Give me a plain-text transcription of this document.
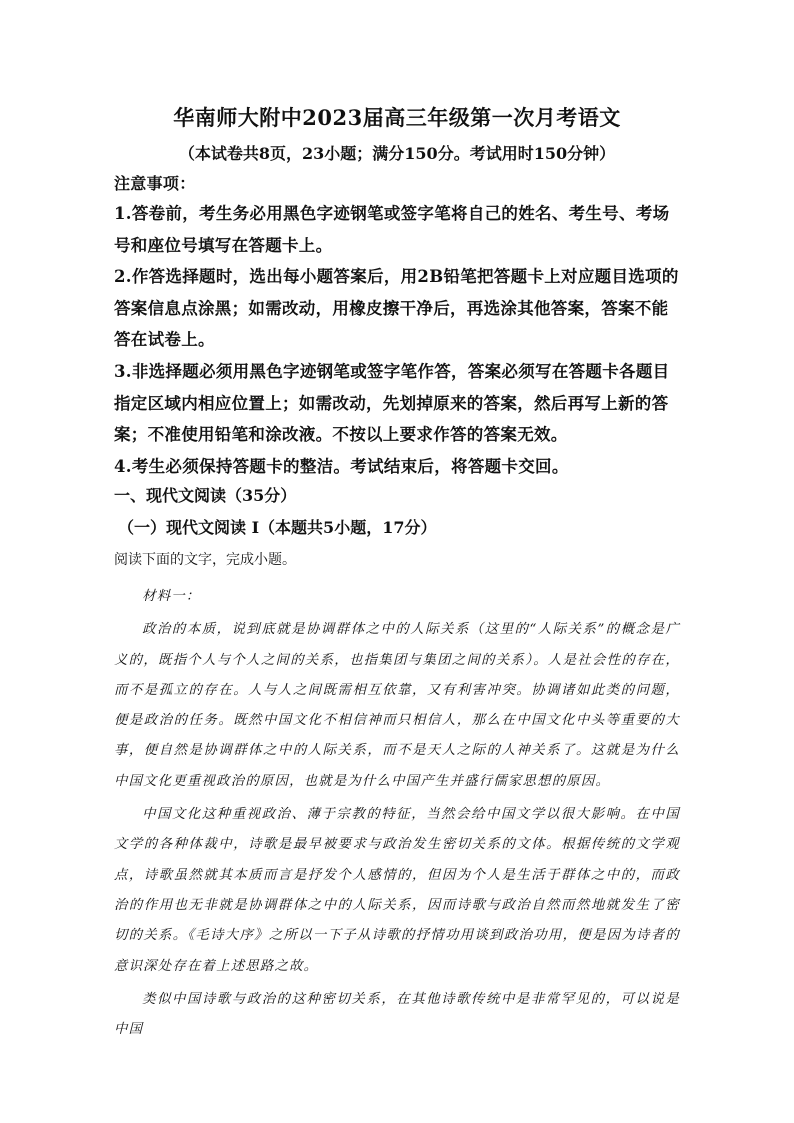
华南师大附中2023届高三年级第一次月考语文
（本试卷共8页，23小题；满分150分。考试用时150分钟）

注意事项：

1.答卷前，考生务必用黑色字迹钢笔或签字笔将自己的姓名、考生号、考场号和座位号填写在答题卡上。

2.作答选择题时，选出每小题答案后，用2B铅笔把答题卡上对应题目选项的答案信息点涂黑；如需改动，用橡皮擦干净后，再选涂其他答案，答案不能答在试卷上。

3.非选择题必须用黑色字迹钢笔或签字笔作答，答案必须写在答题卡各题目指定区域内相应位置上；如需改动，先划掉原来的答案，然后再写上新的答案；不准使用铅笔和涂改液。不按以上要求作答的答案无效。

4.考生必须保持答题卡的整洁。考试结束后，将答题卡交回。

一、现代文阅读（35分）
（一）现代文阅读 I（本题共5小题，17分）
阅读下面的文字，完成小题。

材料一：

政治的本质，说到底就是协调群体之中的人际关系（这里的“人际关系”的概念是广义的，既指个人与个人之间的关系，也指集团与集团之间的关系）。人是社会性的存在，而不是孤立的存在。人与人之间既需相互依靠，又有利害冲突。协调诸如此类的问题，便是政治的任务。既然中国文化不相信神而只相信人，那么在中国文化中头等重要的大事，便自然是协调群体之中的人际关系，而不是天人之际的人神关系了。这就是为什么中国文化更重视政治的原因，也就是为什么中国产生并盛行儒家思想的原因。

中国文化这种重视政治、薄于宗教的特征，当然会给中国文学以很大影响。在中国文学的各种体裁中，诗歌是最早被要求与政治发生密切关系的文体。根据传统的文学观点，诗歌虽然就其本质而言是抒发个人感情的，但因为个人是生活于群体之中的，而政治的作用也无非就是协调群体之中的人际关系，因而诗歌与政治自然而然地就发生了密切的关系。《毛诗大序》之所以一下子从诗歌的抒情功用谈到政治功用，便是因为诗者的意识深处存在着上述思路之故。

类似中国诗歌与政治的这种密切关系，在其他诗歌传统中是非常罕见的，可以说是中国
